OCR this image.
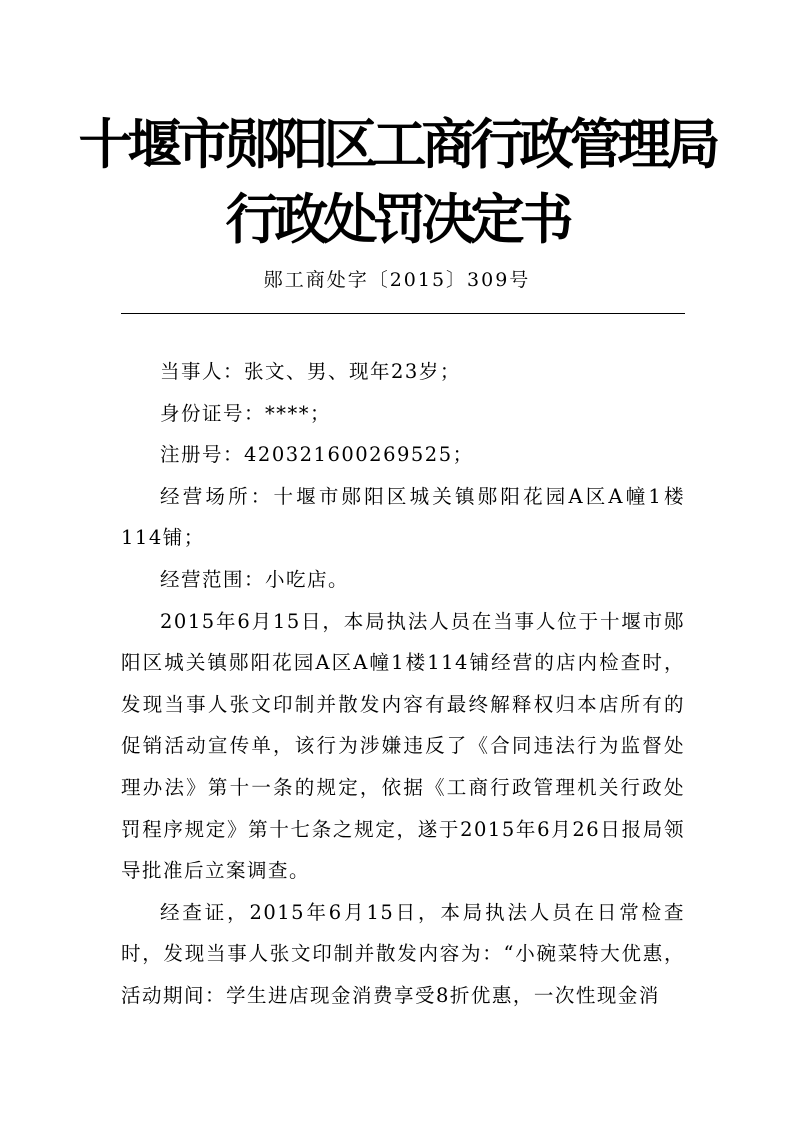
十堰市郧阳区工商行政管理局
行政处罚决定书
郧工商处字〔2015〕309号

当事人：张文、男、现年23岁；

身份证号：****；

注册号：420321600269525；

经营场所：十堰市郧阳区城关镇郧阳花园A区A幢1楼114铺；

经营范围：小吃店。

2015年6月15日，本局执法人员在当事人位于十堰市郧阳区城关镇郧阳花园A区A幢1楼114铺经营的店内检查时，发现当事人张文印制并散发内容有最终解释权归本店所有的促销活动宣传单，该行为涉嫌违反了《合同违法行为监督处理办法》第十一条的规定，依据《工商行政管理机关行政处罚程序规定》第十七条之规定，遂于2015年6月26日报局领导批准后立案调查。

经查证，2015年6月15日，本局执法人员在日常检查时，发现当事人张文印制并散发内容为：“小碗菜特大优惠，活动期间：学生进店现金消费享受8折优惠，一次性现金消
